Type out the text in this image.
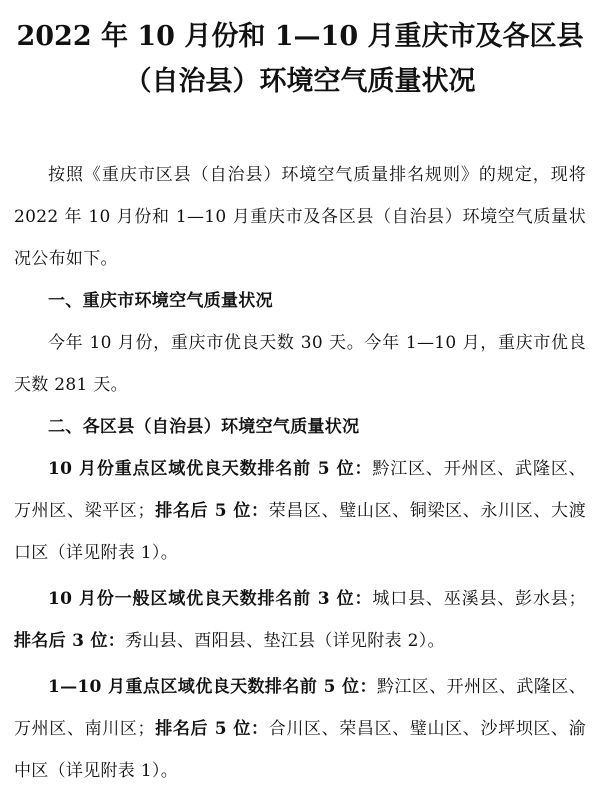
2022 年 10 月份和 1—10 月重庆市及各区县
（自治县）环境空气质量状况

按照《重庆市区县（自治县）环境空气质量排名规则》的规定，现将 2022 年 10 月份和 1—10 月重庆市及各区县（自治县）环境空气质量状况公布如下。

一、重庆市环境空气质量状况

今年 10 月份，重庆市优良天数 30 天。今年 1—10 月，重庆市优良天数 281 天。

二、各区县（自治县）环境空气质量状况

10 月份重点区域优良天数排名前 5 位：黔江区、开州区、武隆区、万州区、梁平区；排名后 5 位：荣昌区、璧山区、铜梁区、永川区、大渡口区（详见附表 1）。

10 月份一般区域优良天数排名前 3 位：城口县、巫溪县、彭水县；排名后 3 位：秀山县、酉阳县、垫江县（详见附表 2）。

1—10 月重点区域优良天数排名前 5 位：黔江区、开州区、武隆区、万州区、南川区；排名后 5 位：合川区、荣昌区、璧山区、沙坪坝区、渝中区（详见附表 1）。
